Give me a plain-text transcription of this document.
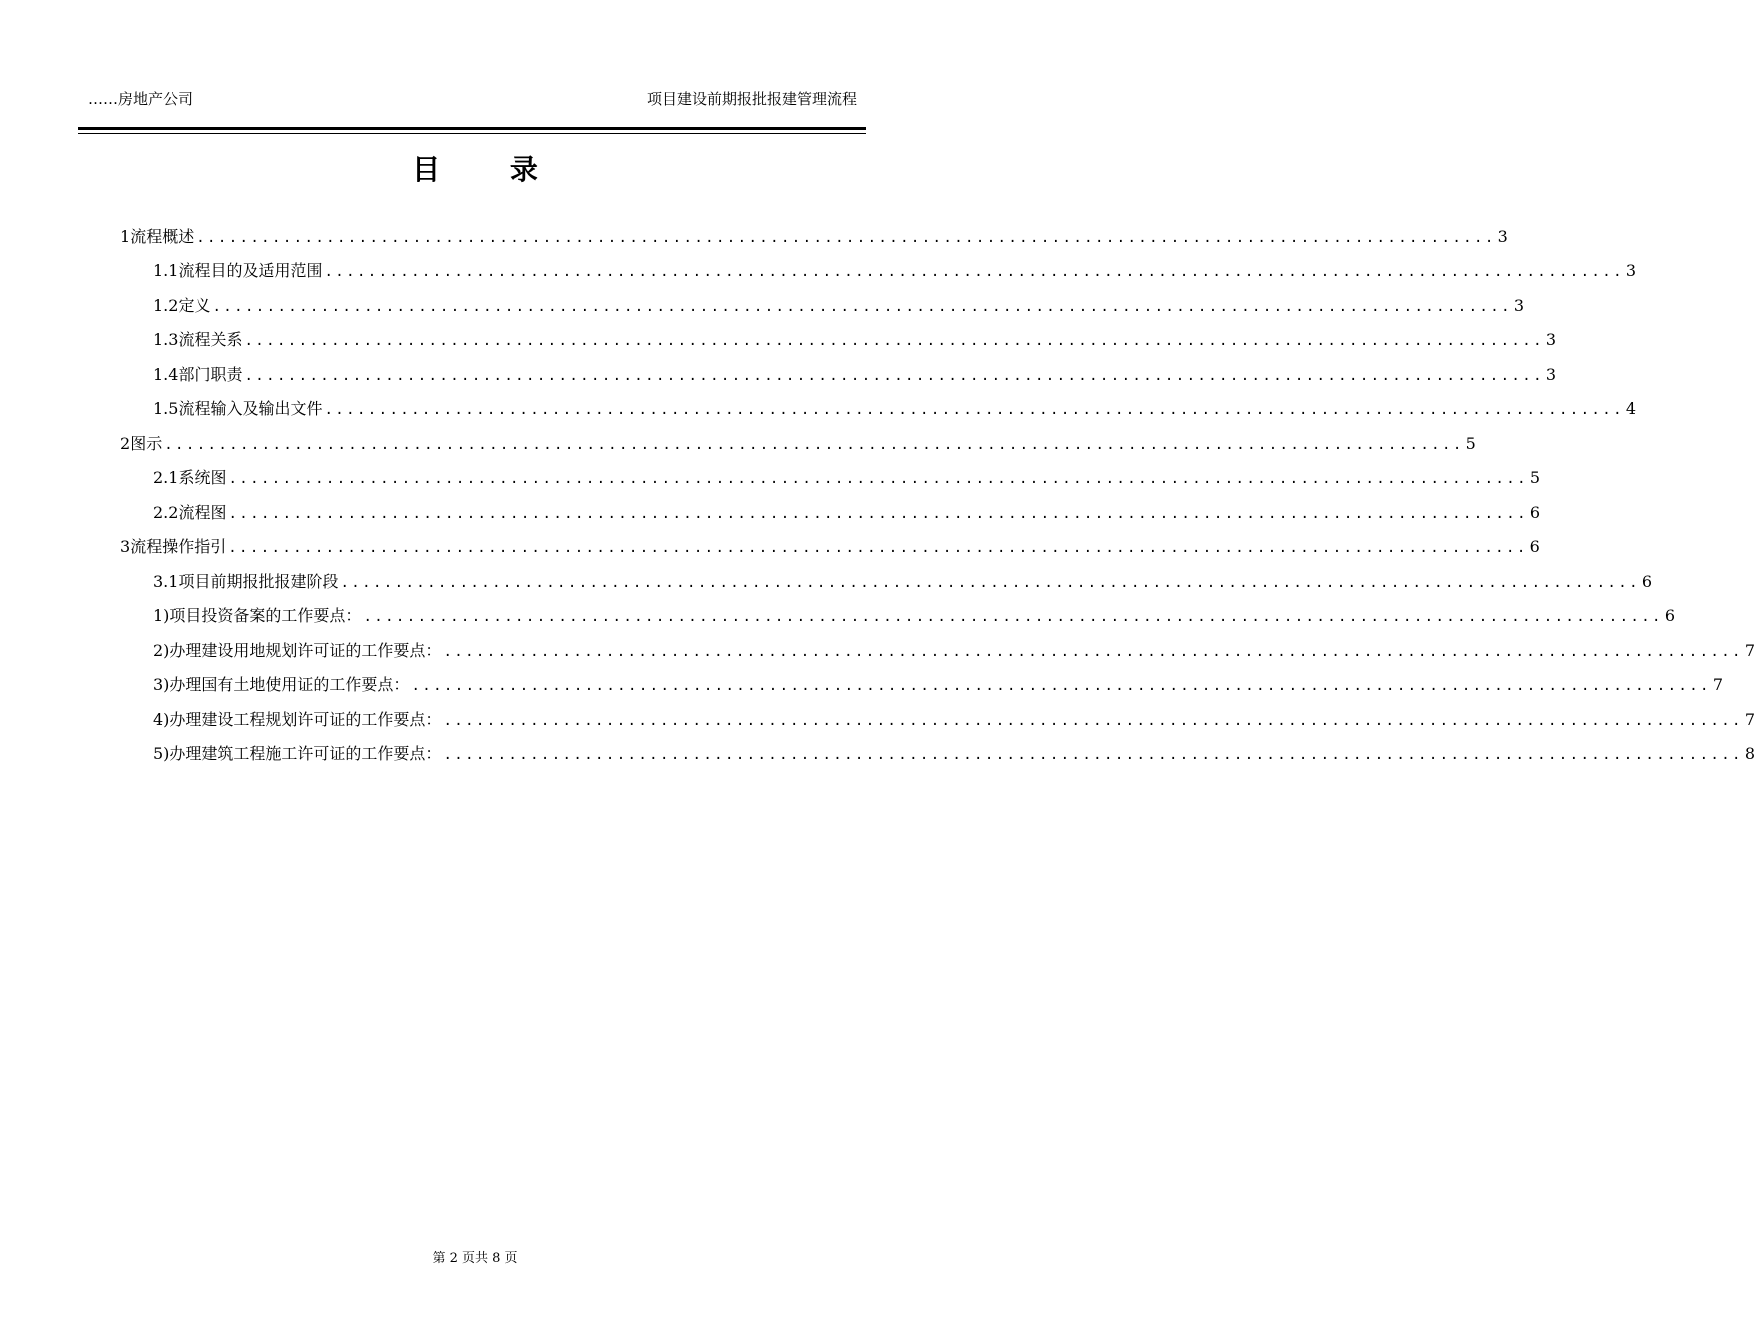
……房地产公司	项目建设前期报批报建管理流程
目 录
1 流程概述 ........................................................................................................................ 3
1.1 流程目的及适用范围 ........................................................................................................................ 3
1.2 定义 ........................................................................................................................ 3
1.3 流程关系 ........................................................................................................................ 3
1.4 部门职责 ........................................................................................................................ 3
1.5 流程输入及输出文件 ........................................................................................................................ 4
2 图示 ........................................................................................................................ 5
2.1 系统图 ........................................................................................................................ 5
2.2 流程图 ........................................................................................................................ 6
3 流程操作指引 ........................................................................................................................ 6
3.1 项目前期报批报建阶段 ........................................................................................................................ 6
1) 项目投资备案的工作要点： ........................................................................................................................ 6
2) 办理建设用地规划许可证的工作要点： ........................................................................................................................ 7
3) 办理国有土地使用证的工作要点： ........................................................................................................................ 7
4) 办理建设工程规划许可证的工作要点： ........................................................................................................................ 7
5) 办理建筑工程施工许可证的工作要点： ........................................................................................................................ 8
第 2 页共 8 页
